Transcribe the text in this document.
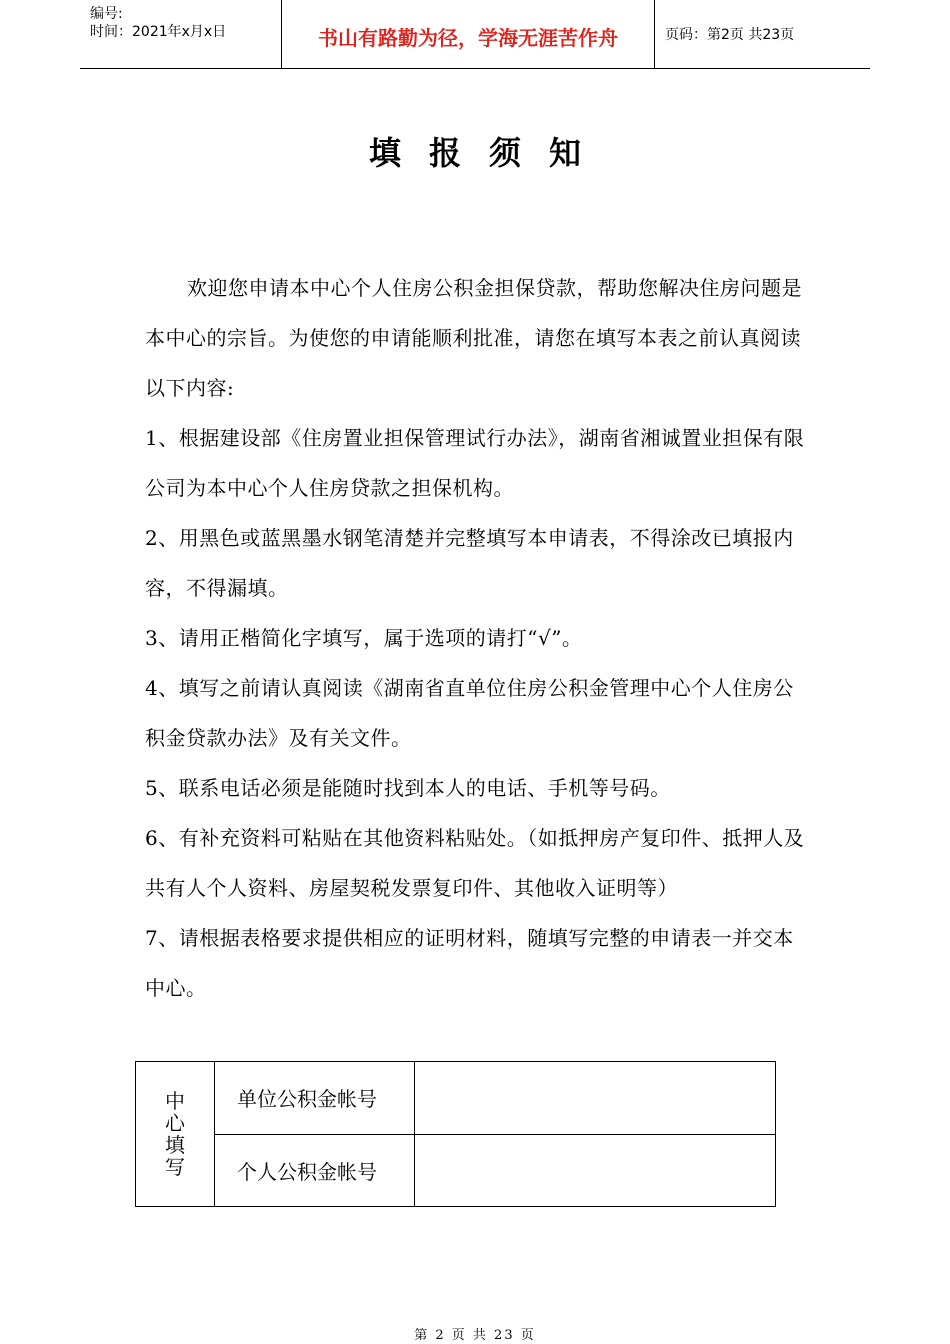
编号:
时间：2021年x月x日	书山有路勤为径，学海无涯苦作舟	页码：第2页 共23页
填报须知

欢迎您申请本中心个人住房公积金担保贷款，帮助您解决住房问题是本中心的宗旨。为使您的申请能顺利批准，请您在填写本表之前认真阅读以下内容:

1、根据建设部《住房置业担保管理试行办法》，湖南省湘诚置业担保有限公司为本中心个人住房贷款之担保机构。

2、用黑色或蓝黑墨水钢笔清楚并完整填写本申请表，不得涂改已填报内容，不得漏填。

3、请用正楷简化字填写，属于选项的请打“√”。

4、填写之前请认真阅读《湖南省直单位住房公积金管理中心个人住房公积金贷款办法》及有关文件。

5、联系电话必须是能随时找到本人的电话、手机等号码。

6、有补充资料可粘贴在其他资料粘贴处。（如抵押房产复印件、抵押人及共有人个人资料、房屋契税发票复印件、其他收入证明等）

7、请根据表格要求提供相应的证明材料，随填写完整的申请表一并交本中心。

中
心
填
写	单位公积金帐号	
	个人公积金帐号	
第 2 页 共 23 页
